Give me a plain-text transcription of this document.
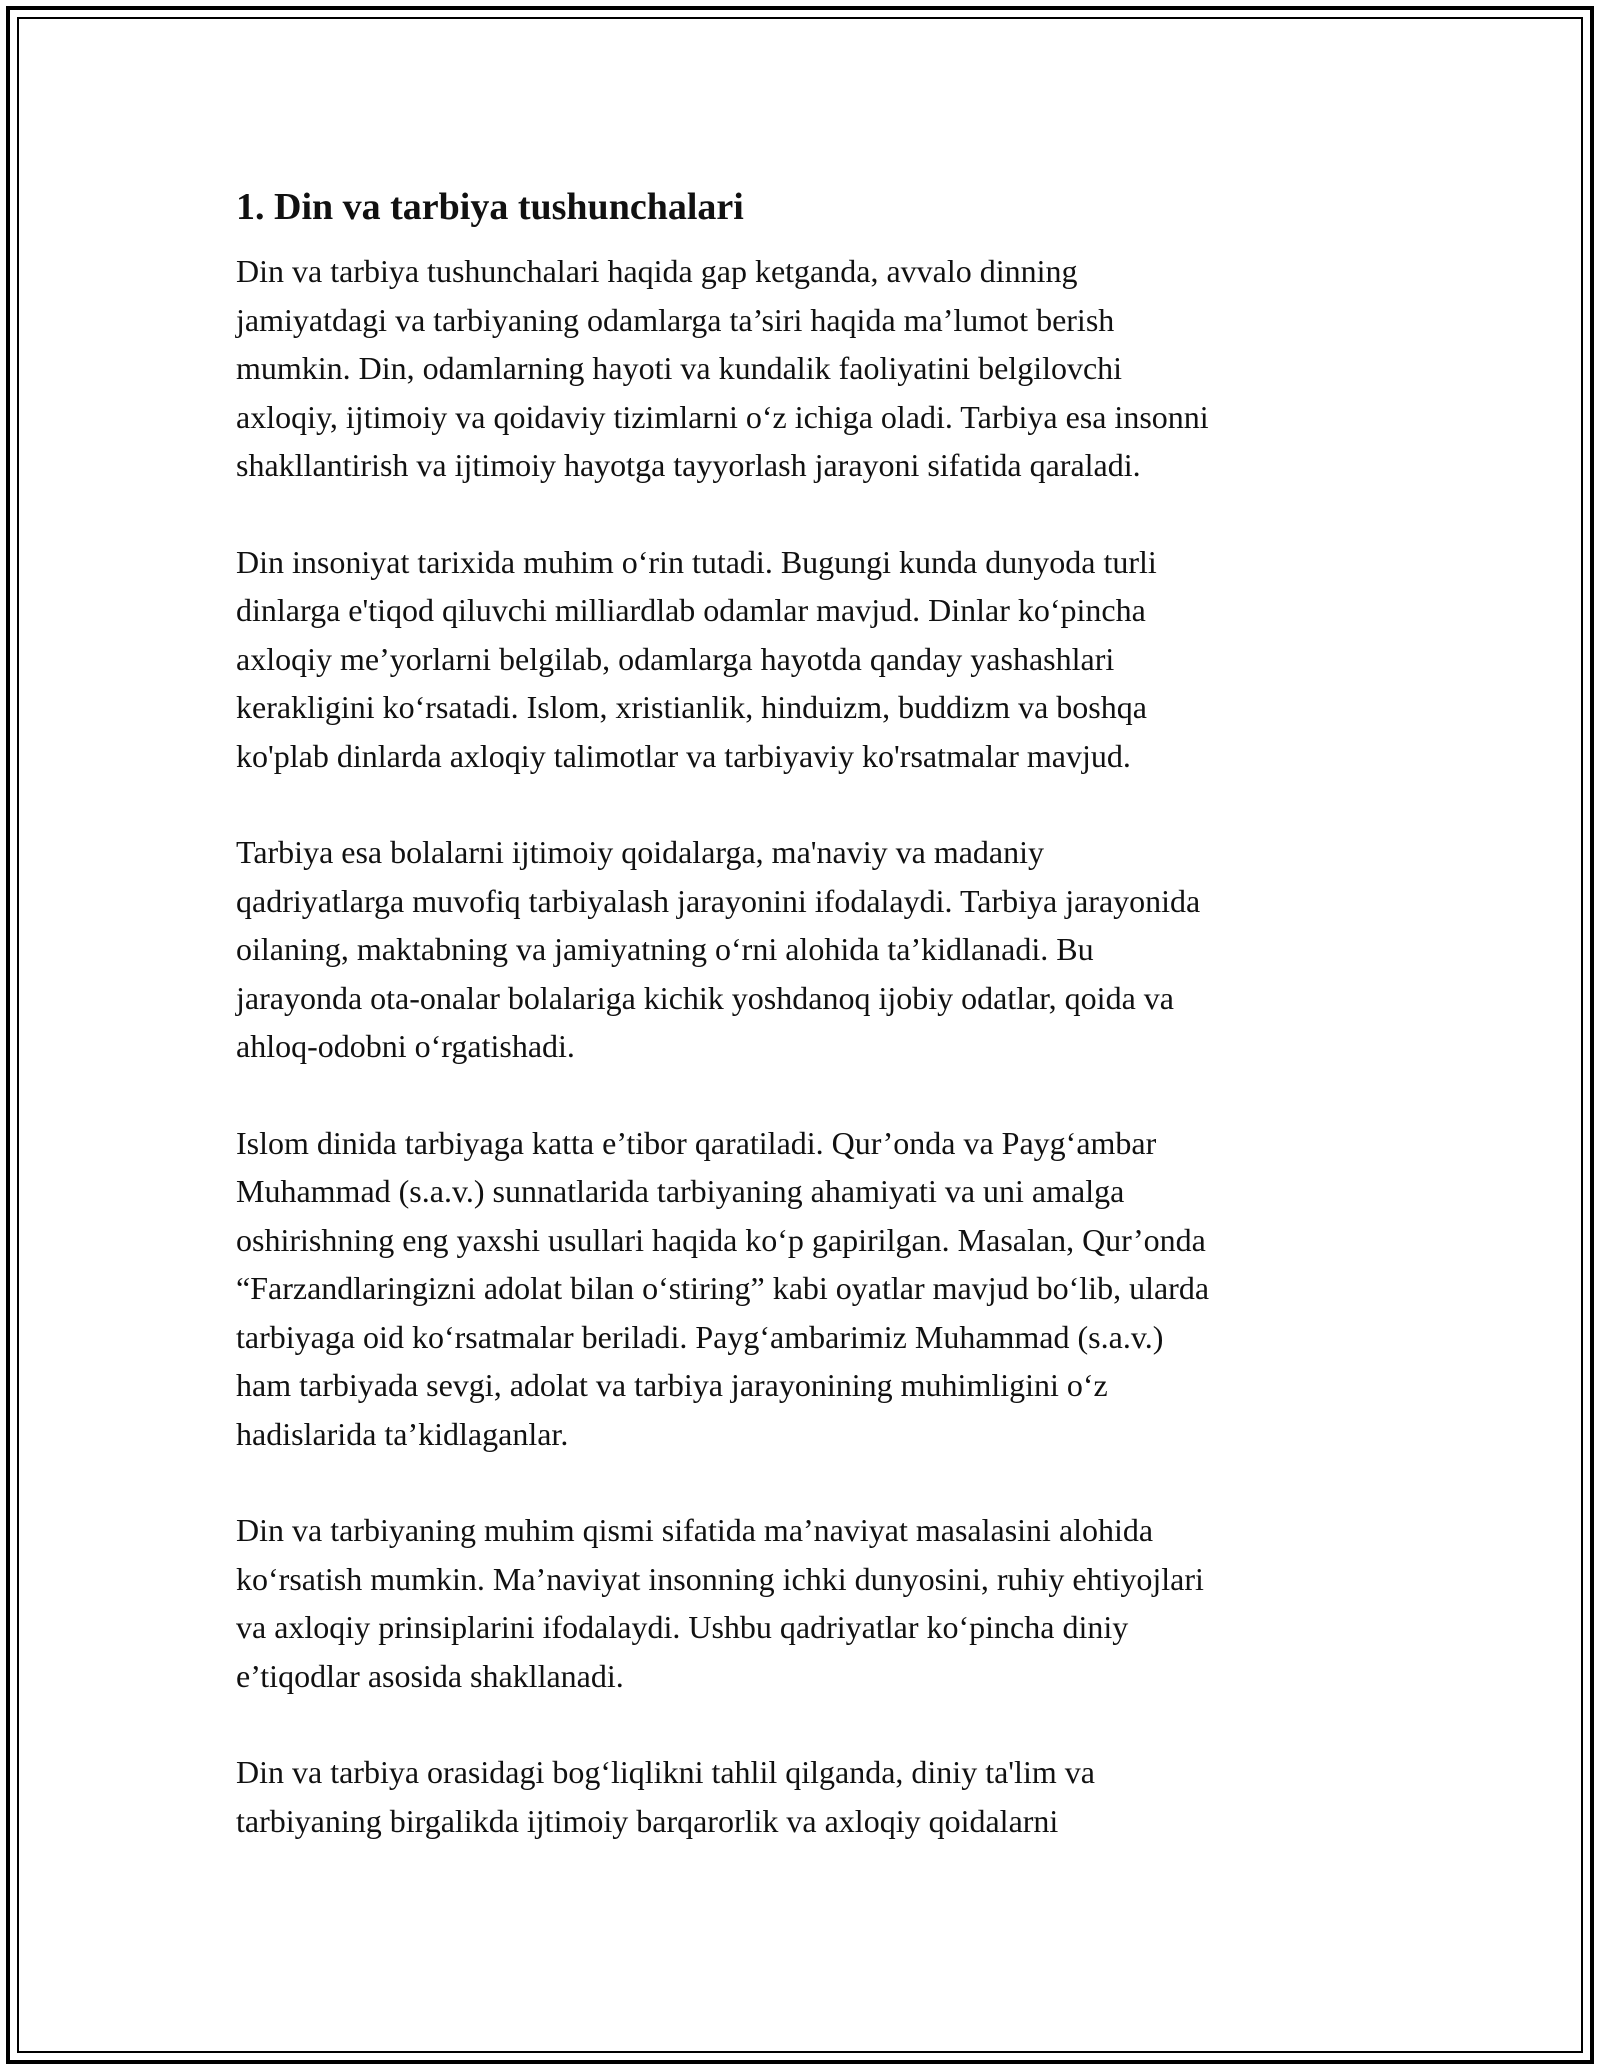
1. Din va tarbiya tushunchalari

Din va tarbiya tushunchalari haqida gap ketganda, avvalo dinning
jamiyatdagi va tarbiyaning odamlarga ta’siri haqida ma’lumot berish
mumkin. Din, odamlarning hayoti va kundalik faoliyatini belgilovchi
axloqiy, ijtimoiy va qoidaviy tizimlarni o‘z ichiga oladi. Tarbiya esa insonni
shakllantirish va ijtimoiy hayotga tayyorlash jarayoni sifatida qaraladi.

Din insoniyat tarixida muhim o‘rin tutadi. Bugungi kunda dunyoda turli
dinlarga e'tiqod qiluvchi milliardlab odamlar mavjud. Dinlar ko‘pincha
axloqiy me’yorlarni belgilab, odamlarga hayotda qanday yashashlari
kerakligini ko‘rsatadi. Islom, xristianlik, hinduizm, buddizm va boshqa
ko'plab dinlarda axloqiy talimotlar va tarbiyaviy ko'rsatmalar mavjud.

Tarbiya esa bolalarni ijtimoiy qoidalarga, ma'naviy va madaniy
qadriyatlarga muvofiq tarbiyalash jarayonini ifodalaydi. Tarbiya jarayonida
oilaning, maktabning va jamiyatning o‘rni alohida ta’kidlanadi. Bu
jarayonda ota-onalar bolalariga kichik yoshdanoq ijobiy odatlar, qoida va
ahloq-odobni o‘rgatishadi.

Islom dinida tarbiyaga katta e’tibor qaratiladi. Qur’onda va Payg‘ambar
Muhammad (s.a.v.) sunnatlarida tarbiyaning ahamiyati va uni amalga
oshirishning eng yaxshi usullari haqida ko‘p gapirilgan. Masalan, Qur’onda
“Farzandlaringizni adolat bilan o‘stiring” kabi oyatlar mavjud bo‘lib, ularda
tarbiyaga oid ko‘rsatmalar beriladi. Payg‘ambarimiz Muhammad (s.a.v.)
ham tarbiyada sevgi, adolat va tarbiya jarayonining muhimligini o‘z
hadislarida ta’kidlaganlar.

Din va tarbiyaning muhim qismi sifatida ma’naviyat masalasini alohida
ko‘rsatish mumkin. Ma’naviyat insonning ichki dunyosini, ruhiy ehtiyojlari
va axloqiy prinsiplarini ifodalaydi. Ushbu qadriyatlar ko‘pincha diniy
e’tiqodlar asosida shakllanadi.

Din va tarbiya orasidagi bog‘liqlikni tahlil qilganda, diniy ta'lim va
tarbiyaning birgalikda ijtimoiy barqarorlik va axloqiy qoidalarni
